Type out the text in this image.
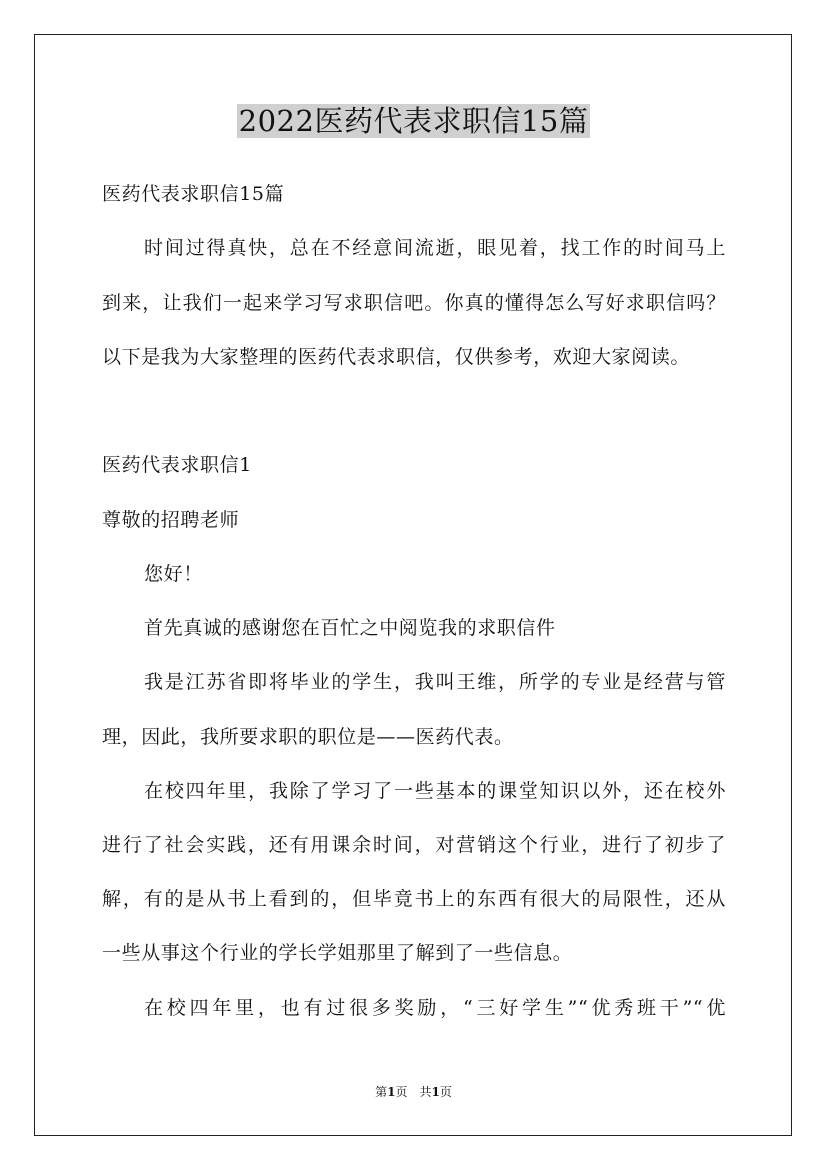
2022医药代表求职信15篇
医药代表求职信15篇
时间过得真快，总在不经意间流逝，眼见着，找工作的时间马上
到来，让我们一起来学习写求职信吧。你真的懂得怎么写好求职信吗？
以下是我为大家整理的医药代表求职信，仅供参考，欢迎大家阅读。
医药代表求职信1
尊敬的招聘老师
您好！
首先真诚的感谢您在百忙之中阅览我的求职信件
我是江苏省即将毕业的学生，我叫王维，所学的专业是经营与管
理，因此，我所要求职的职位是——医药代表。
在校四年里，我除了学习了一些基本的课堂知识以外，还在校外
进行了社会实践，还有用课余时间，对营销这个行业，进行了初步了
解，有的是从书上看到的，但毕竟书上的东西有很大的局限性，还从
一些从事这个行业的学长学姐那里了解到了一些信息。
在校四年里，也有过很多奖励，“三好学生”“优秀班干”“优
第1页　共1页
